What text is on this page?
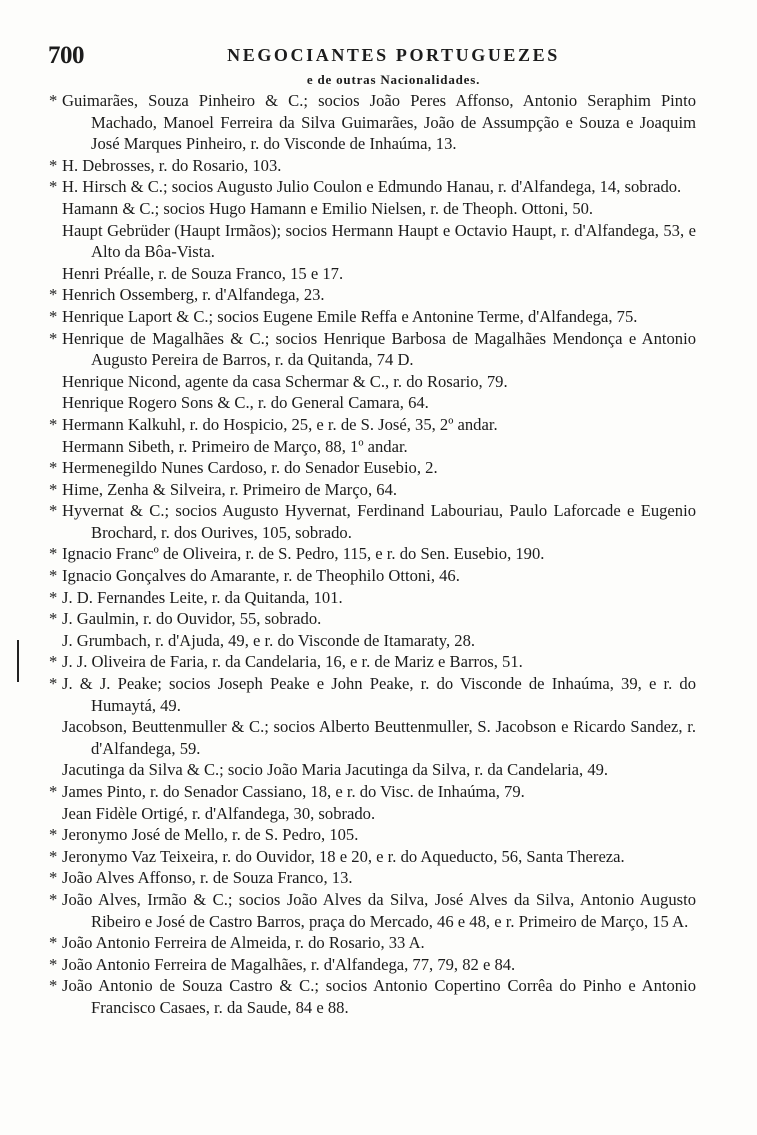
700	NEGOCIANTES PORTUGUEZES
e de outras Nacionalidades.

* Guimarães, Souza Pinheiro & C.; socios João Peres Affonso, Antonio Seraphim Pinto Machado, Manoel Ferreira da Silva Guimarães, João de Assumpção e Souza e Joaquim José Marques Pinheiro, r. do Visconde de Inhaúma, 13.

* H. Debrosses, r. do Rosario, 103.

* H. Hirsch & C.; socios Augusto Julio Coulon e Edmundo Hanau, r. d'Alfandega, 14, sobrado.

Hamann & C.; socios Hugo Hamann e Emilio Nielsen, r. de Theoph. Ottoni, 50.

Haupt Gebrüder (Haupt Irmãos); socios Hermann Haupt e Octavio Haupt, r. d'Alfandega, 53, e Alto da Bôa-Vista.

Henri Préalle, r. de Souza Franco, 15 e 17.

* Henrich Ossemberg, r. d'Alfandega, 23.

* Henrique Laport & C.; socios Eugene Emile Reffa e Antonine Terme, d'Alfandega, 75.

* Henrique de Magalhães & C.; socios Henrique Barbosa de Magalhães Mendonça e Antonio Augusto Pereira de Barros, r. da Quitanda, 74 D.

Henrique Nicond, agente da casa Schermar & C., r. do Rosario, 79.

Henrique Rogero Sons & C., r. do General Camara, 64.

* Hermann Kalkuhl, r. do Hospicio, 25, e r. de S. José, 35, 2º andar.

Hermann Sibeth, r. Primeiro de Março, 88, 1º andar.

* Hermenegildo Nunes Cardoso, r. do Senador Eusebio, 2.

* Hime, Zenha & Silveira, r. Primeiro de Março, 64.

* Hyvernat & C.; socios Augusto Hyvernat, Ferdinand Labouriau, Paulo Laforcade e Eugenio Brochard, r. dos Ourives, 105, sobrado.

* Ignacio Francº de Oliveira, r. de S. Pedro, 115, e r. do Sen. Eusebio, 190.

* Ignacio Gonçalves do Amarante, r. de Theophilo Ottoni, 46.

* J. D. Fernandes Leite, r. da Quitanda, 101.

* J. Gaulmin, r. do Ouvidor, 55, sobrado.

J. Grumbach, r. d'Ajuda, 49, e r. do Visconde de Itamaraty, 28.

* J. J. Oliveira de Faria, r. da Candelaria, 16, e r. de Mariz e Barros, 51.

* J. & J. Peake; socios Joseph Peake e John Peake, r. do Visconde de Inhaúma, 39, e r. do Humaytá, 49.

Jacobson, Beuttenmuller & C.; socios Alberto Beuttenmuller, S. Jacobson e Ricardo Sandez, r. d'Alfandega, 59.

Jacutinga da Silva & C.; socio João Maria Jacutinga da Silva, r. da Candelaria, 49.

* James Pinto, r. do Senador Cassiano, 18, e r. do Visc. de Inhaúma, 79.

Jean Fidèle Ortigé, r. d'Alfandega, 30, sobrado.

* Jeronymo José de Mello, r. de S. Pedro, 105.

* Jeronymo Vaz Teixeira, r. do Ouvidor, 18 e 20, e r. do Aqueducto, 56, Santa Thereza.

* João Alves Affonso, r. de Souza Franco, 13.

* João Alves, Irmão & C.; socios João Alves da Silva, José Alves da Silva, Antonio Augusto Ribeiro e José de Castro Barros, praça do Mercado, 46 e 48, e r. Primeiro de Março, 15 A.

* João Antonio Ferreira de Almeida, r. do Rosario, 33 A.

* João Antonio Ferreira de Magalhães, r. d'Alfandega, 77, 79, 82 e 84.

* João Antonio de Souza Castro & C.; socios Antonio Copertino Corrêa do Pinho e Antonio Francisco Casaes, r. da Saude, 84 e 88.
